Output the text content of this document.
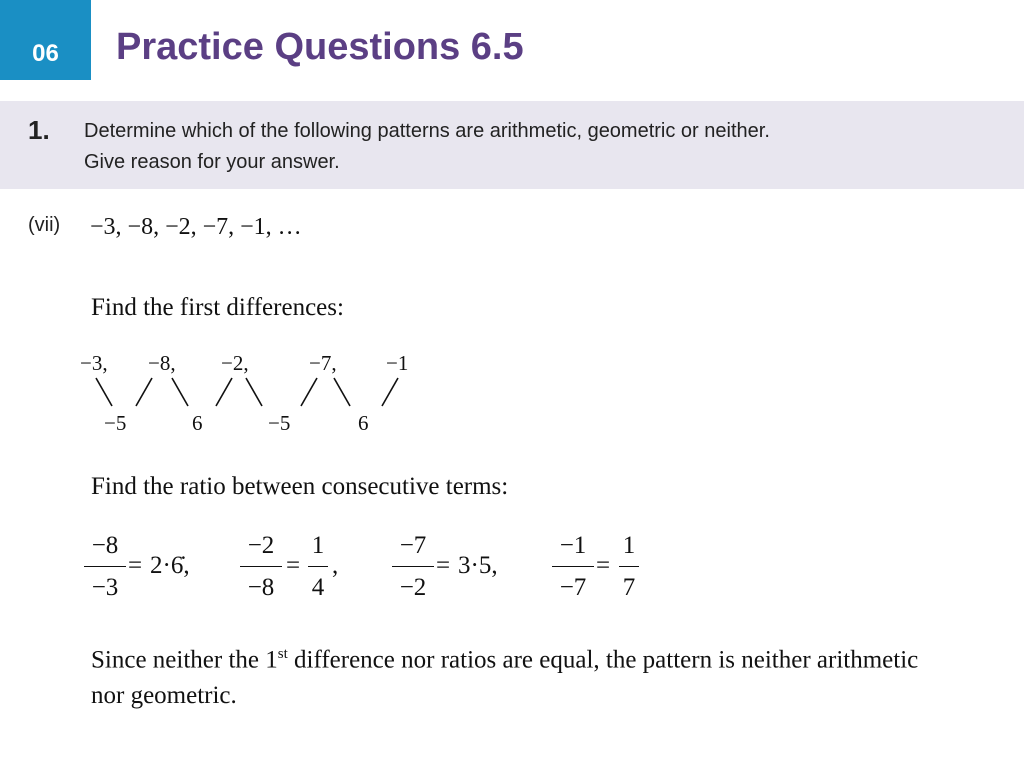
06 Practice Questions 6.5
1. Determine which of the following patterns are arithmetic, geometric or neither.
Give reason for your answer.
(vii) −3, −8, −2, −7, −1, …
Find the first differences:
−3, −8, −2,	−7, −1
−5	6	−5	6
Find the ratio between consecutive terms:
−8
−3
= 2·6̇,
−2
−8
=
1
4
,
−7
−2
= 3·5,
−1
−7
=
1
7
Since neither the 1st difference nor ratios are equal, the pattern is neither arithmetic nor geometric.
